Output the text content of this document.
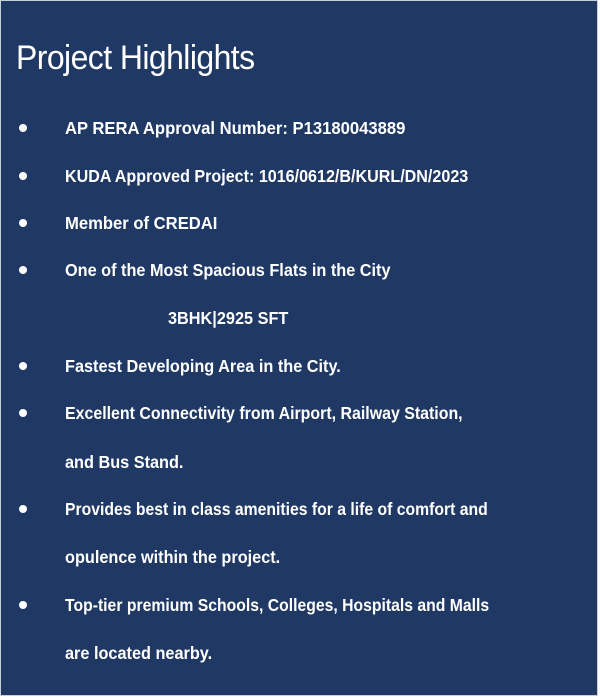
Project Highlights
AP RERA Approval Number: P13180043889
KUDA Approved Project: 1016/0612/B/KURL/DN/2023
Member of CREDAI
One of the Most Spacious Flats in the City
3BHK|2925 SFT
Fastest Developing Area in the City.
Excellent Connectivity from Airport, Railway Station,
and Bus Stand.
Provides best in class amenities for a life of comfort and
opulence within the project.
Top-tier premium Schools, Colleges, Hospitals and Malls
are located nearby.
